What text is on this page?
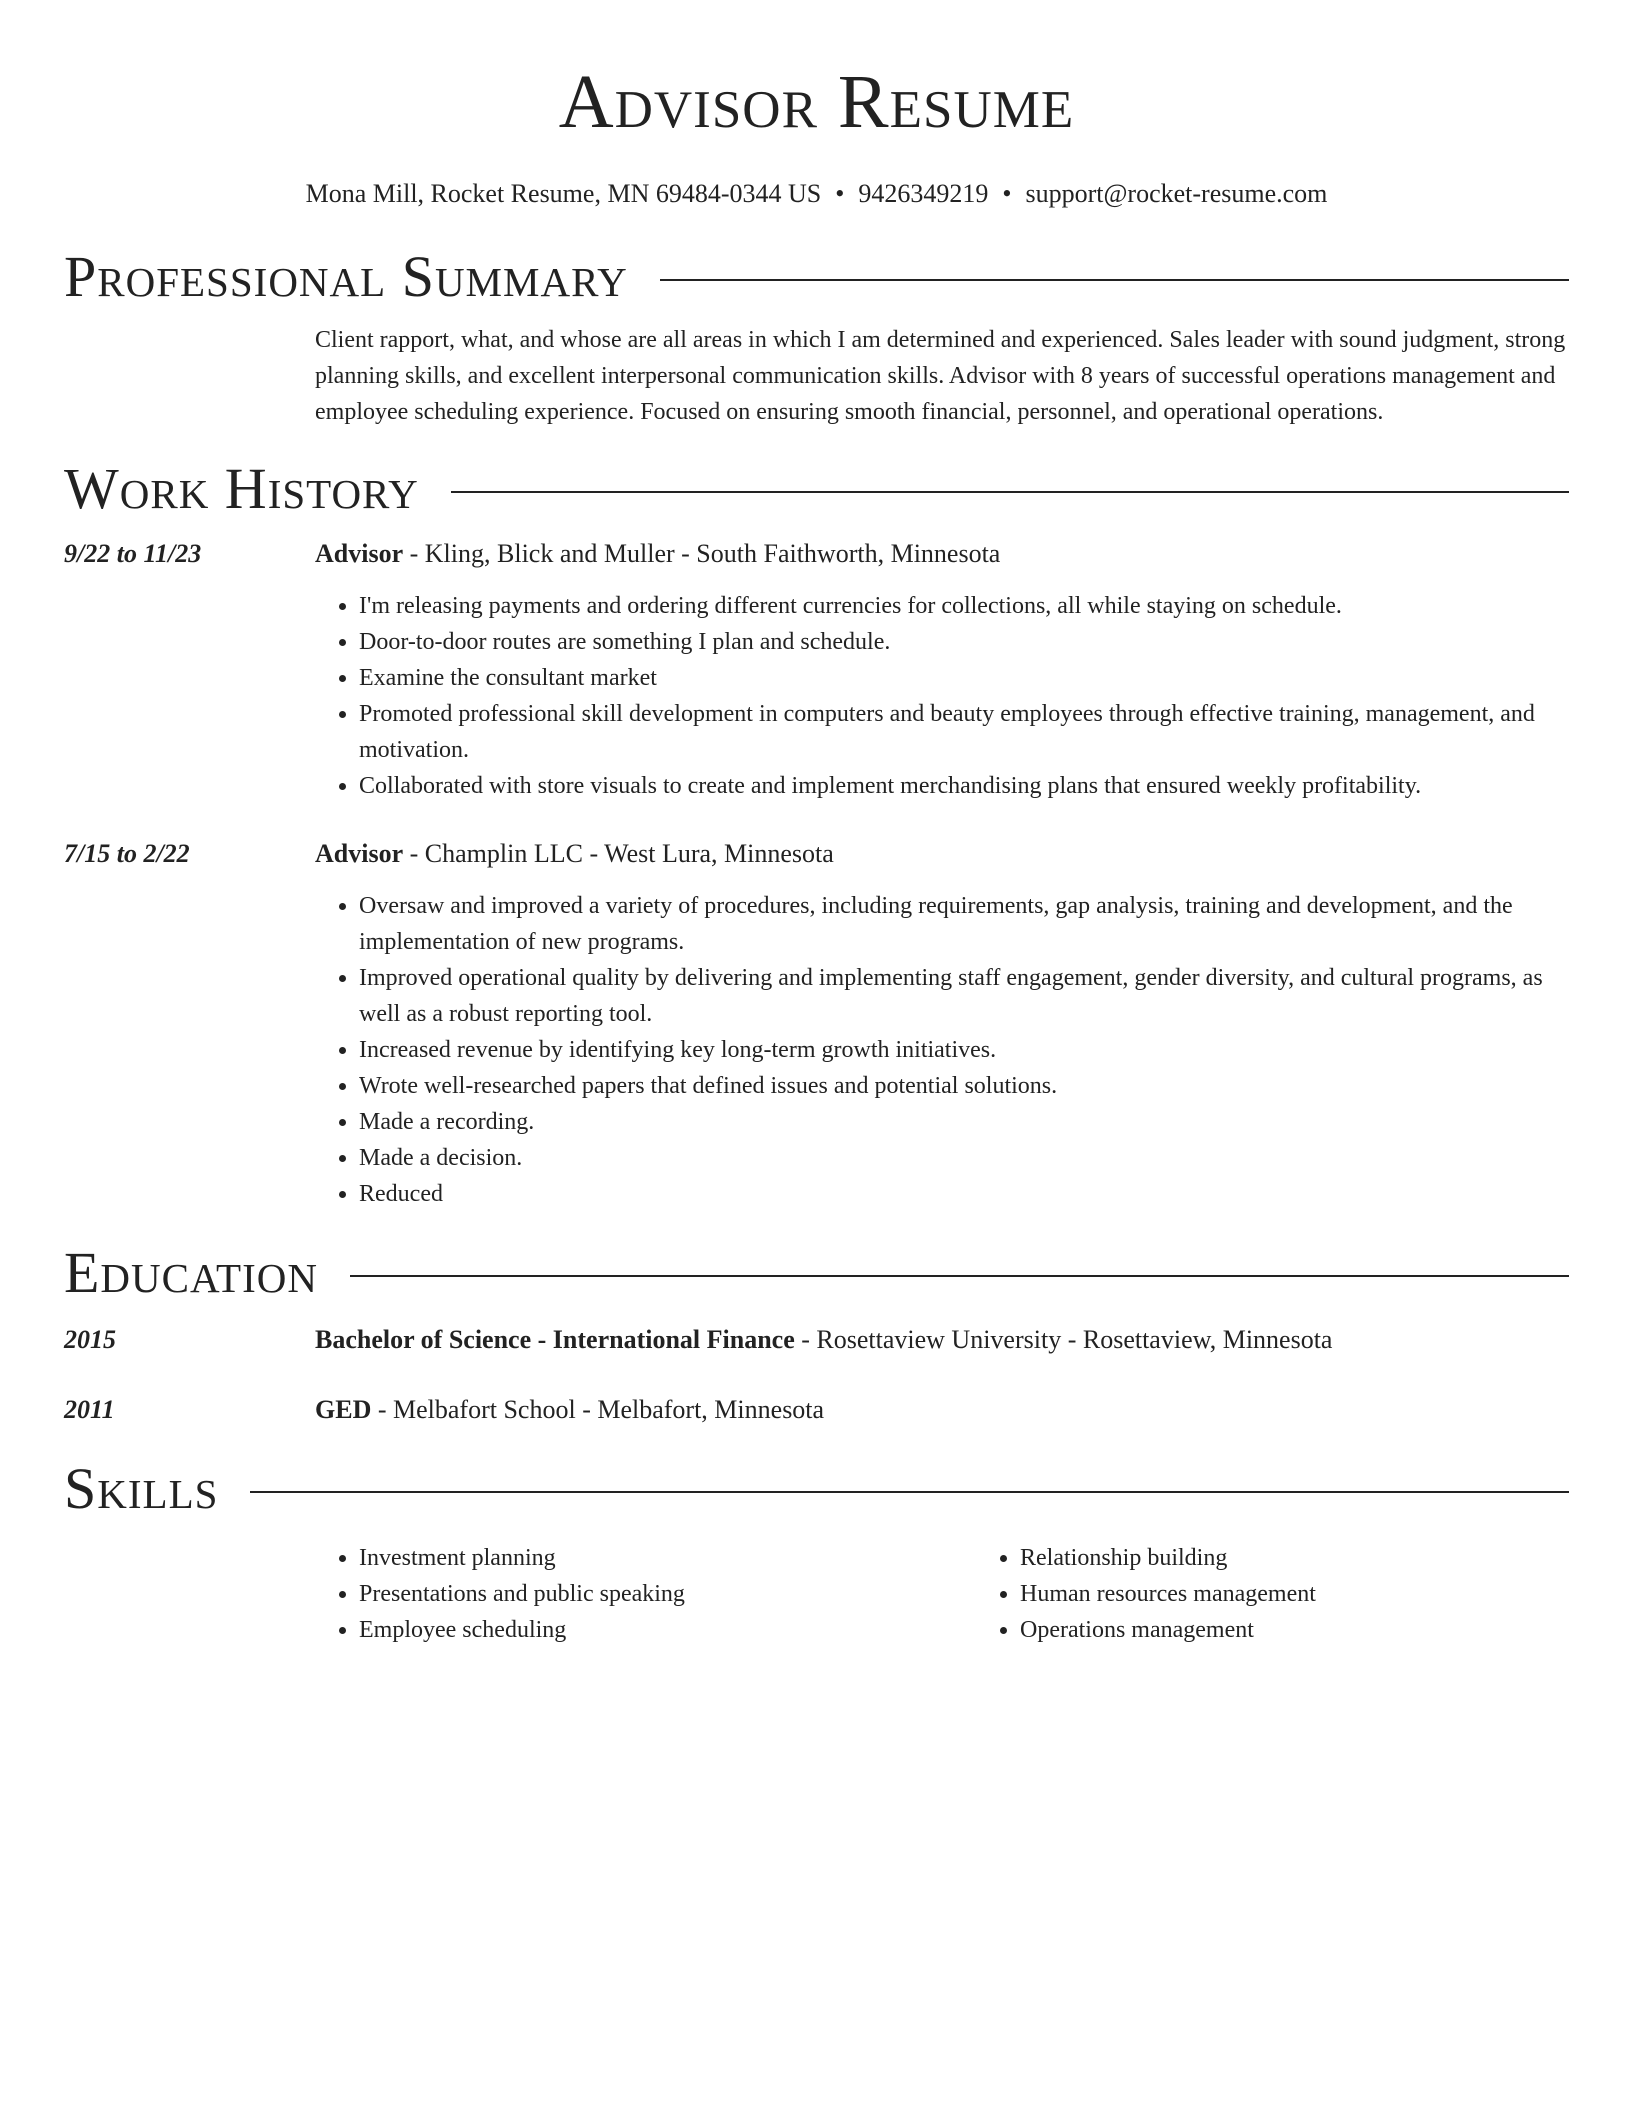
Advisor Resume
Mona Mill, Rocket Resume, MN 69484-0344 US • 9426349219 • support@rocket-resume.com
Professional Summary
Client rapport, what, and whose are all areas in which I am determined and experienced. Sales leader with sound judgment, strong planning skills, and excellent interpersonal communication skills. Advisor with 8 years of successful operations management and employee scheduling experience. Focused on ensuring smooth financial, personnel, and operational operations.
Work History
9/22 to 11/23	Advisor - Kling, Blick and Muller - South Faithworth, Minnesota
• I'm releasing payments and ordering different currencies for collections, all while staying on schedule.
• Door-to-door routes are something I plan and schedule.
• Examine the consultant market
• Promoted professional skill development in computers and beauty employees through effective training, management, and motivation.
• Collaborated with store visuals to create and implement merchandising plans that ensured weekly profitability.
7/15 to 2/22	Advisor - Champlin LLC - West Lura, Minnesota
• Oversaw and improved a variety of procedures, including requirements, gap analysis, training and development, and the implementation of new programs.
• Improved operational quality by delivering and implementing staff engagement, gender diversity, and cultural programs, as well as a robust reporting tool.
• Increased revenue by identifying key long-term growth initiatives.
• Wrote well-researched papers that defined issues and potential solutions.
• Made a recording.
• Made a decision.
• Reduced
Education
2015	Bachelor of Science - International Finance - Rosettaview University - Rosettaview, Minnesota
2011	GED - Melbafort School - Melbafort, Minnesota
Skills
• Investment planning
• Presentations and public speaking
• Employee scheduling
• Relationship building
• Human resources management
• Operations management
